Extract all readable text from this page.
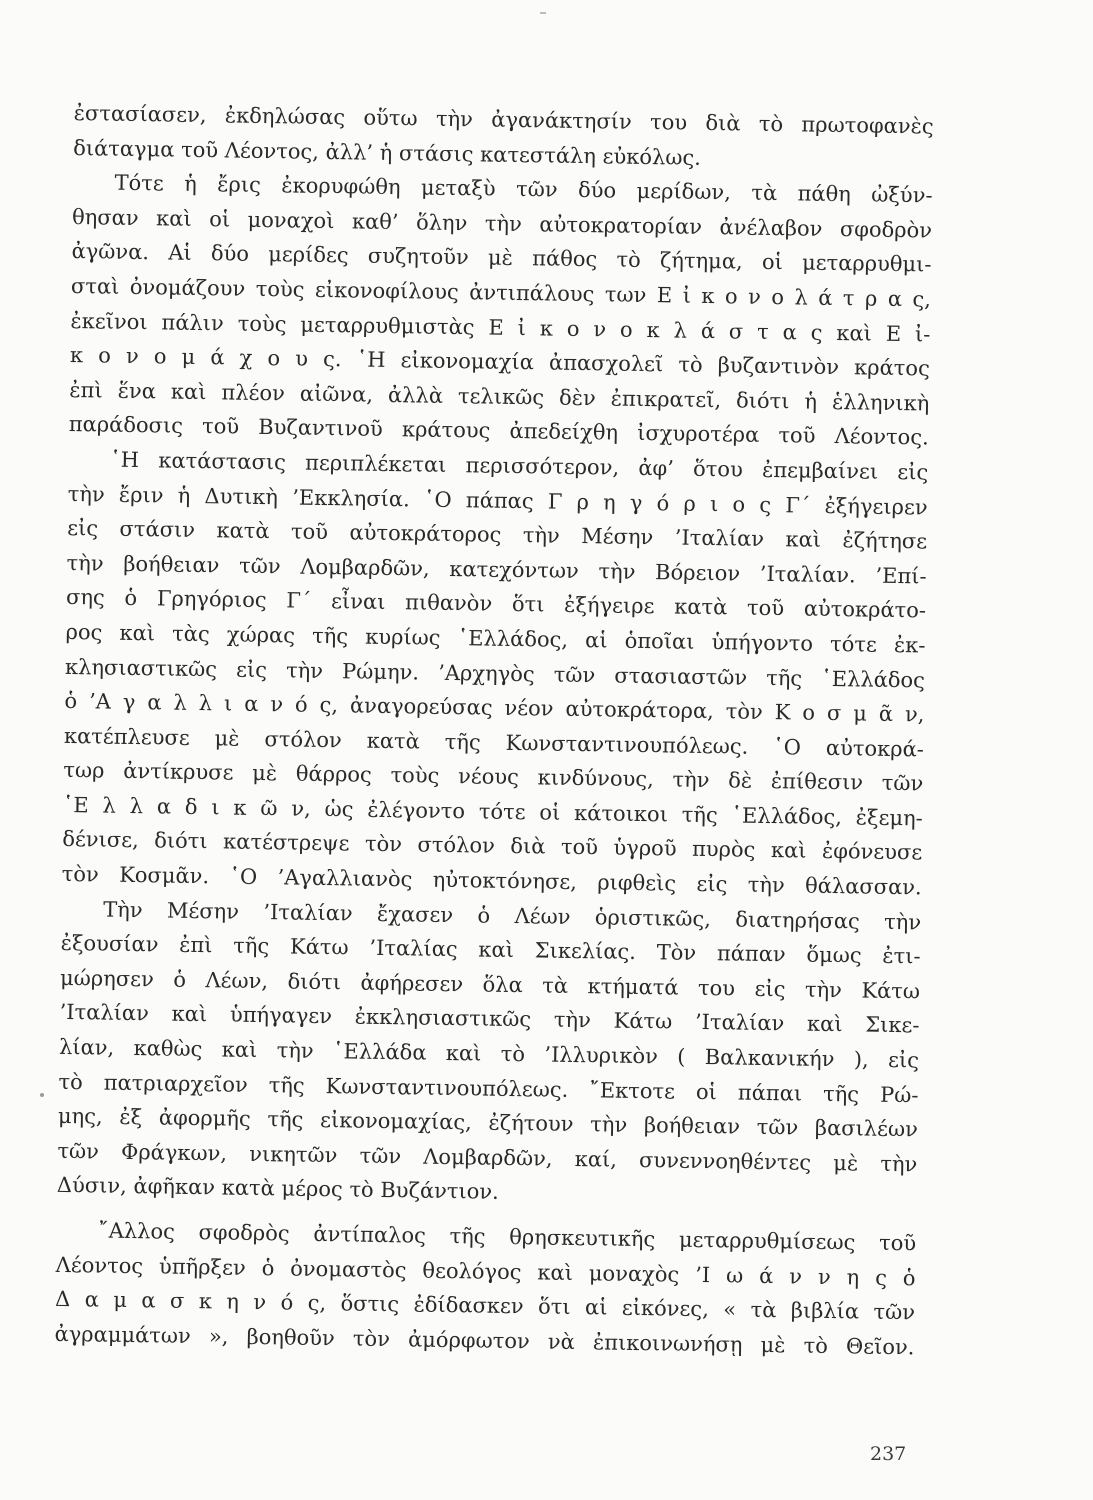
ἐστασίασεν, ἐκδηλώσας οὕτω τὴν ἀγανάκτησίν του διὰ τὸ πρωτοφανὲς
διάταγμα τοῦ Λέοντος, ἀλλ’ ἡ στάσις κατεστάλη εὐκόλως.
Τότε ἡ ἔρις ἐκορυφώθη μεταξὺ τῶν δύο μερίδων, τὰ πάθη ὠξύν-
θησαν καὶ οἱ μοναχοὶ καθ’ ὅλην τὴν αὐτοκρατορίαν ἀνέλαβον σφοδρὸν
ἀγῶνα. Αἱ δύο μερίδες συζητοῦν μὲ πάθος τὸ ζήτημα, οἱ μεταρρυθμι-
σταὶ ὀνομάζουν τοὺς εἰκονοφίλους ἀντιπάλους των Ε ἰ κ ο ν ο λ ά τ ρ α ς,
ἐκεῖνοι πάλιν τοὺς μεταρρυθμιστὰς Ε ἰ κ ο ν ο κ λ ά σ τ α ς καὶ Ε ἰ-
κ ο ν ο μ ά χ ο υ ς. ῾Η εἰκονομαχία ἀπασχολεῖ τὸ βυζαντινὸν κράτος
ἐπὶ ἕνα καὶ πλέον αἰῶνα, ἀλλὰ τελικῶς δὲν ἐπικρατεῖ, διότι ἡ ἑλληνικὴ
παράδοσις τοῦ Βυζαντινοῦ κράτους ἀπεδείχθη ἰσχυροτέρα τοῦ Λέοντος.
῾Η κατάστασις περιπλέκεται περισσότερον, ἀφ’ ὅτου ἐπεμβαίνει εἰς
τὴν ἔριν ἡ Δυτικὴ ’Εκκλησία. ῾Ο πάπας Γ ρ η γ ό ρ ι ο ς Γ΄ ἐξήγειρεν
εἰς στάσιν κατὰ τοῦ αὐτοκράτορος τὴν Μέσην ’Ιταλίαν καὶ ἐζήτησε
τὴν βοήθειαν τῶν Λομβαρδῶν, κατεχόντων τὴν Βόρειον ’Ιταλίαν. ’Επί-
σης ὁ Γρηγόριος Γ΄ εἶναι πιθανὸν ὅτι ἐξήγειρε κατὰ τοῦ αὐτοκράτο-
ρος καὶ τὰς χώρας τῆς κυρίως ῾Ελλάδος, αἱ ὁποῖαι ὑπήγοντο τότε ἐκ-
κλησιαστικῶς εἰς τὴν Ρώμην. ’Αρχηγὸς τῶν στασιαστῶν τῆς ῾Ελλάδος
ὁ ’Α γ α λ λ ι α ν ό ς, ἀναγορεύσας νέον αὐτοκράτορα, τὸν Κ ο σ μ ᾶ ν,
κατέπλευσε μὲ στόλον κατὰ τῆς Κωνσταντινουπόλεως. ῾Ο αὐτοκρά-
τωρ ἀντίκρυσε μὲ θάρρος τοὺς νέους κινδύνους, τὴν δὲ ἐπίθεσιν τῶν
῾Ε λ λ α δ ι κ ῶ ν, ὡς ἐλέγοντο τότε οἱ κάτοικοι τῆς ῾Ελλάδος, ἐξεμη-
δένισε, διότι κατέστρεψε τὸν στόλον διὰ τοῦ ὑγροῦ πυρὸς καὶ ἐφόνευσε
τὸν Κοσμᾶν. ῾Ο ’Αγαλλιανὸς ηὐτοκτόνησε, ριφθεὶς εἰς τὴν θάλασσαν.
Τὴν Μέσην ’Ιταλίαν ἔχασεν ὁ Λέων ὁριστικῶς, διατηρήσας τὴν
ἐξουσίαν ἐπὶ τῆς Κάτω ’Ιταλίας καὶ Σικελίας. Τὸν πάπαν ὅμως ἐτι-
μώρησεν ὁ Λέων, διότι ἀφήρεσεν ὅλα τὰ κτήματά του εἰς τὴν Κάτω
’Ιταλίαν καὶ ὑπήγαγεν ἐκκλησιαστικῶς τὴν Κάτω ’Ιταλίαν καὶ Σικε-
λίαν, καθὼς καὶ τὴν ῾Ελλάδα καὶ τὸ ’Ιλλυρικὸν ( Βαλκανικήν ), εἰς
τὸ πατριαρχεῖον τῆς Κωνσταντινουπόλεως. ῎Εκτοτε οἱ πάπαι τῆς Ρώ-
μης, ἐξ ἀφορμῆς τῆς εἰκονομαχίας, ἐζήτουν τὴν βοήθειαν τῶν βασιλέων
τῶν Φράγκων, νικητῶν τῶν Λομβαρδῶν, καί, συνεννοηθέντες μὲ τὴν
Δύσιν, ἀφῆκαν κατὰ μέρος τὸ Βυζάντιον.
῎Αλλος σφοδρὸς ἀντίπαλος τῆς θρησκευτικῆς μεταρρυθμίσεως τοῦ
Λέοντος ὑπῆρξεν ὁ ὀνομαστὸς θεολόγος καὶ μοναχὸς ’Ι ω ά ν ν η ς ὁ
Δ α μ α σ κ η ν ό ς, ὅστις ἐδίδασκεν ὅτι αἱ εἰκόνες, « τὰ βιβλία τῶν
ἀγραμμάτων », βοηθοῦν τὸν ἀμόρφωτον νὰ ἐπικοινωνήσῃ μὲ τὸ Θεῖον.
237
